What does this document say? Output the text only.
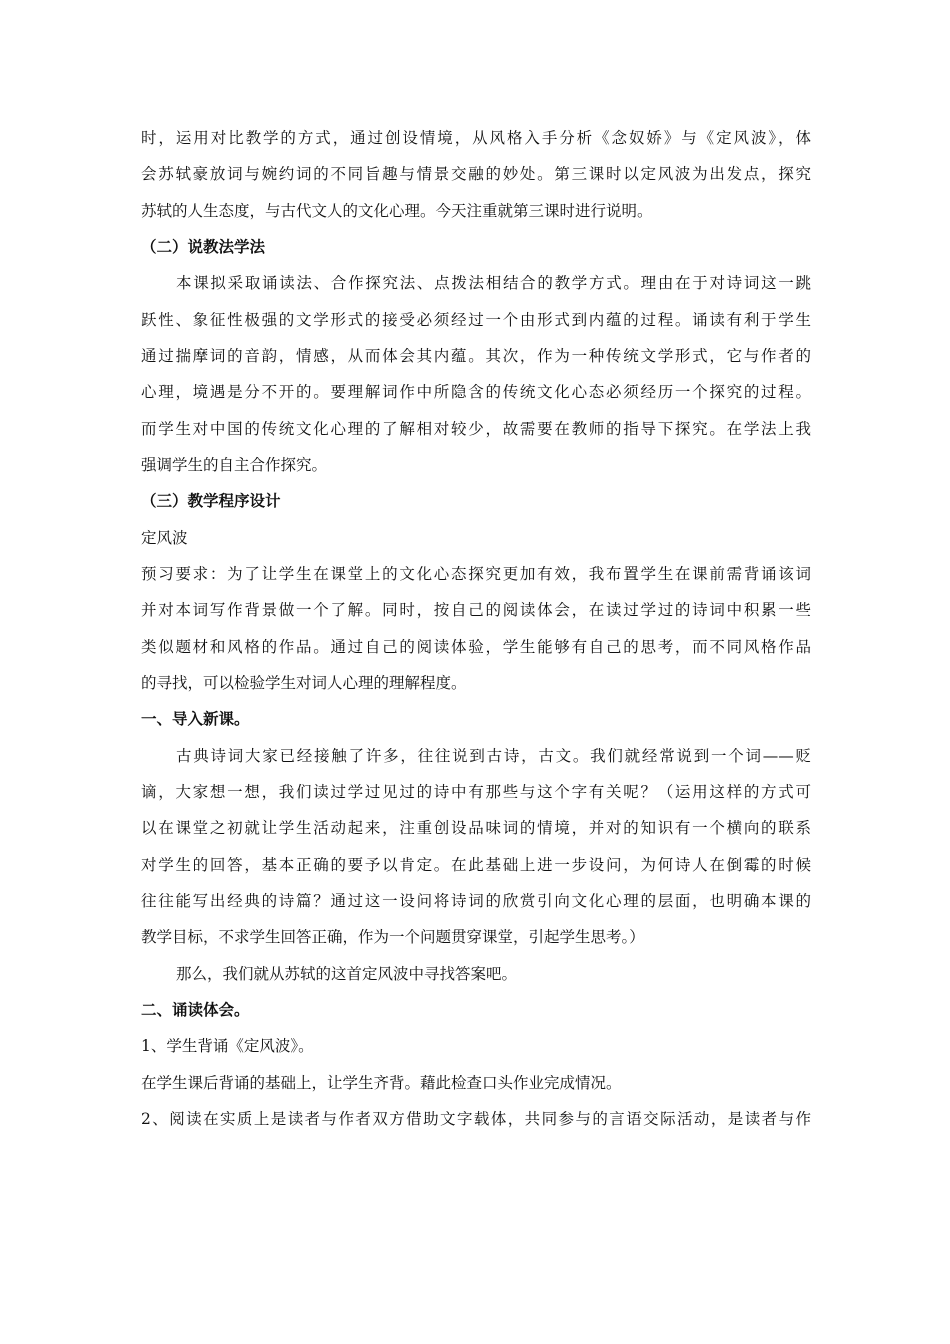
时，运用对比教学的方式，通过创设情境，从风格入手分析《念奴娇》与《定风波》，体
会苏轼豪放词与婉约词的不同旨趣与情景交融的妙处。第三课时以定风波为出发点，探究
苏轼的人生态度，与古代文人的文化心理。今天注重就第三课时进行说明。
（二）说教法学法
本课拟采取诵读法、合作探究法、点拨法相结合的教学方式。理由在于对诗词这一跳
跃性、象征性极强的文学形式的接受必须经过一个由形式到内蕴的过程。诵读有利于学生
通过揣摩词的音韵，情感，从而体会其内蕴。其次，作为一种传统文学形式，它与作者的
心理，境遇是分不开的。要理解词作中所隐含的传统文化心态必须经历一个探究的过程。
而学生对中国的传统文化心理的了解相对较少，故需要在教师的指导下探究。在学法上我
强调学生的自主合作探究。
（三）教学程序设计
定风波
预习要求：为了让学生在课堂上的文化心态探究更加有效，我布置学生在课前需背诵该词
并对本词写作背景做一个了解。同时，按自己的阅读体会，在读过学过的诗词中积累一些
类似题材和风格的作品。通过自己的阅读体验，学生能够有自己的思考，而不同风格作品
的寻找，可以检验学生对词人心理的理解程度。
一、导入新课。
古典诗词大家已经接触了许多，往往说到古诗，古文。我们就经常说到一个词——贬
谪，大家想一想，我们读过学过见过的诗中有那些与这个字有关呢？（运用这样的方式可
以在课堂之初就让学生活动起来，注重创设品味词的情境，并对的知识有一个横向的联系
对学生的回答，基本正确的要予以肯定。在此基础上进一步设问，为何诗人在倒霉的时候
往往能写出经典的诗篇？通过这一设问将诗词的欣赏引向文化心理的层面，也明确本课的
教学目标，不求学生回答正确，作为一个问题贯穿课堂，引起学生思考。）
那么，我们就从苏轼的这首定风波中寻找答案吧。
二、诵读体会。
1、学生背诵《定风波》。
在学生课后背诵的基础上，让学生齐背。藉此检查口头作业完成情况。
2、阅读在实质上是读者与作者双方借助文字载体，共同参与的言语交际活动，是读者与作
